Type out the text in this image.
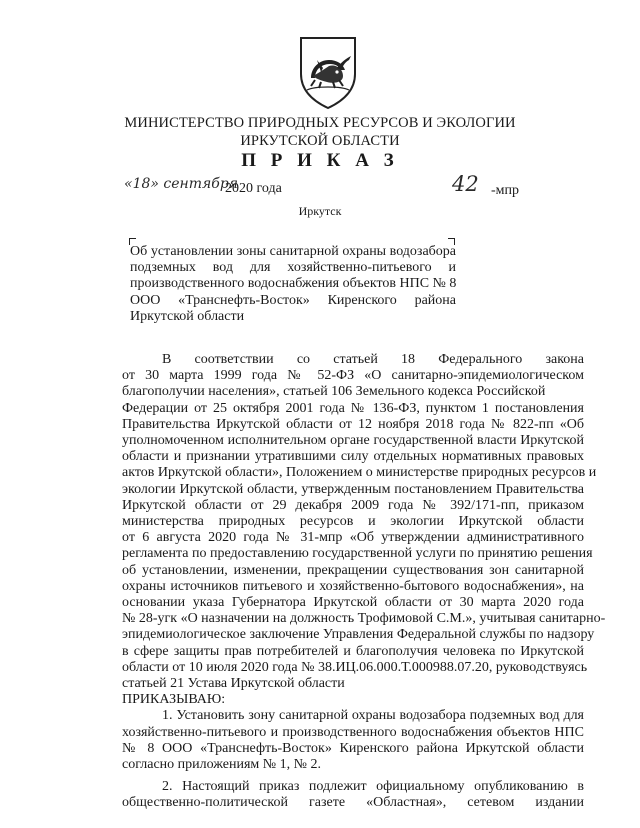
МИНИСТЕРСТВО ПРИРОДНЫХ РЕСУРСОВ И ЭКОЛОГИИ
ИРКУТСКОЙ ОБЛАСТИ
П Р И К А З
«18» сентября
2020 года	42 -мпр
Иркутск
Об установлении зоны санитарной охраны водозабора
подземных вод для хозяйственно-питьевого и
производственного водоснабжения объектов НПС № 8
ООО «Транснефть-Восток» Киренского района
Иркутской области
В соответствии со статьей 18 Федерального закона
от 30 марта 1999 года № 52-ФЗ «О санитарно-эпидемиологическом
благополучии населения», статьей 106 Земельного кодекса Российской
Федерации от 25 октября 2001 года № 136-ФЗ, пунктом 1 постановления
Правительства Иркутской области от 12 ноября 2018 года № 822-пп «Об
уполномоченном исполнительном органе государственной власти Иркутской
области и признании утратившими силу отдельных нормативных правовых
актов Иркутской области», Положением о министерстве природных ресурсов и
экологии Иркутской области, утвержденным постановлением Правительства
Иркутской области от 29 декабря 2009 года № 392/171-пп, приказом
министерства природных ресурсов и экологии Иркутской области
от 6 августа 2020 года № 31-мпр «Об утверждении административного
регламента по предоставлению государственной услуги по принятию решения
об установлении, изменении, прекращении существования зон санитарной
охраны источников питьевого и хозяйственно-бытового водоснабжения», на
основании указа Губернатора Иркутской области от 30 марта 2020 года
№ 28-угк «О назначении на должность Трофимовой С.М.», учитывая санитарно-
эпидемиологическое заключение Управления Федеральной службы по надзору
в сфере защиты прав потребителей и благополучия человека по Иркутской
области от 10 июля 2020 года № 38.ИЦ.06.000.Т.000988.07.20, руководствуясь
статьей 21 Устава Иркутской области
ПРИКАЗЫВАЮ:
1. Установить зону санитарной охраны водозабора подземных вод для
хозяйственно-питьевого и производственного водоснабжения объектов НПС
№ 8 ООО «Транснефть-Восток» Киренского района Иркутской области
согласно приложениям № 1, № 2.
2. Настоящий приказ подлежит официальному опубликованию в
общественно-политической газете «Областная», сетевом издании
